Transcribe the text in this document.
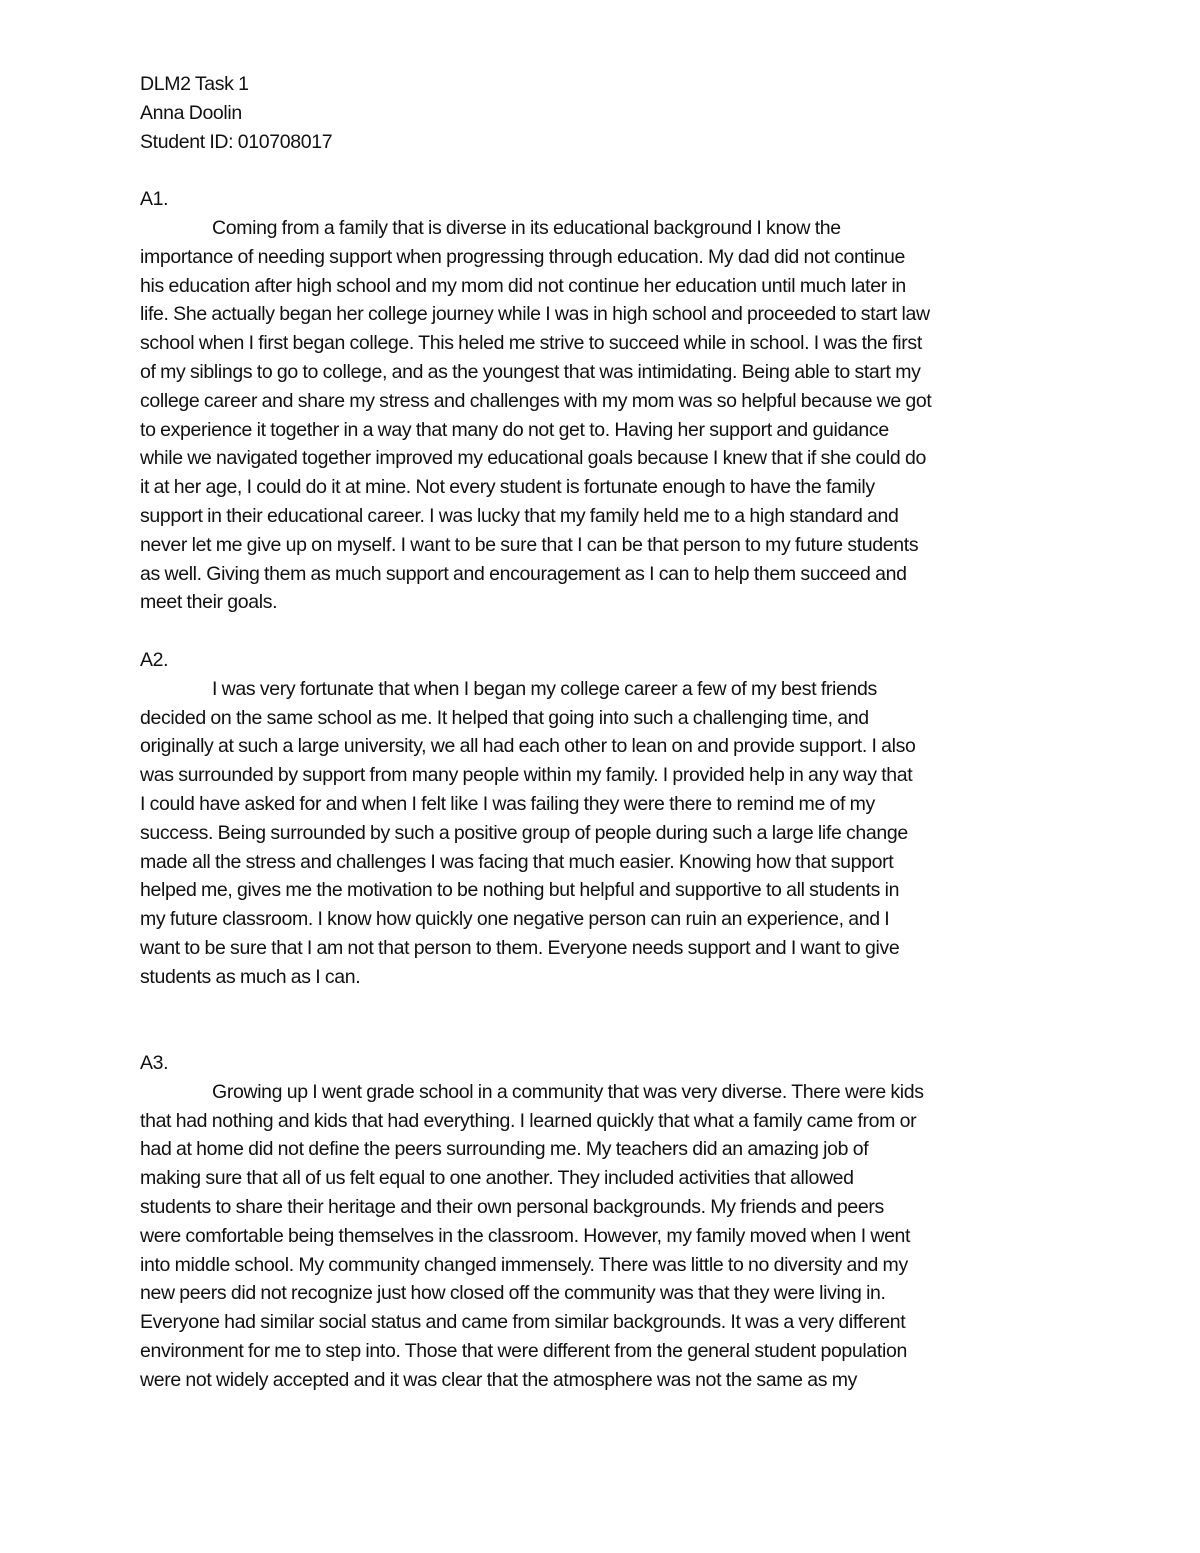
DLM2 Task 1
Anna Doolin
Student ID: 010708017
A1.
Coming from a family that is diverse in its educational background I know the
importance of needing support when progressing through education. My dad did not continue
his education after high school and my mom did not continue her education until much later in
life. She actually began her college journey while I was in high school and proceeded to start law
school when I first began college. This heled me strive to succeed while in school. I was the first
of my siblings to go to college, and as the youngest that was intimidating. Being able to start my
college career and share my stress and challenges with my mom was so helpful because we got
to experience it together in a way that many do not get to. Having her support and guidance
while we navigated together improved my educational goals because I knew that if she could do
it at her age, I could do it at mine. Not every student is fortunate enough to have the family
support in their educational career. I was lucky that my family held me to a high standard and
never let me give up on myself. I want to be sure that I can be that person to my future students
as well. Giving them as much support and encouragement as I can to help them succeed and
meet their goals.
A2.
I was very fortunate that when I began my college career a few of my best friends
decided on the same school as me. It helped that going into such a challenging time, and
originally at such a large university, we all had each other to lean on and provide support. I also
was surrounded by support from many people within my family. I provided help in any way that
I could have asked for and when I felt like I was failing they were there to remind me of my
success. Being surrounded by such a positive group of people during such a large life change
made all the stress and challenges I was facing that much easier. Knowing how that support
helped me, gives me the motivation to be nothing but helpful and supportive to all students in
my future classroom. I know how quickly one negative person can ruin an experience, and I
want to be sure that I am not that person to them. Everyone needs support and I want to give
students as much as I can.
A3.
Growing up I went grade school in a community that was very diverse. There were kids
that had nothing and kids that had everything. I learned quickly that what a family came from or
had at home did not define the peers surrounding me. My teachers did an amazing job of
making sure that all of us felt equal to one another. They included activities that allowed
students to share their heritage and their own personal backgrounds. My friends and peers
were comfortable being themselves in the classroom. However, my family moved when I went
into middle school. My community changed immensely. There was little to no diversity and my
new peers did not recognize just how closed off the community was that they were living in.
Everyone had similar social status and came from similar backgrounds. It was a very different
environment for me to step into. Those that were different from the general student population
were not widely accepted and it was clear that the atmosphere was not the same as my
